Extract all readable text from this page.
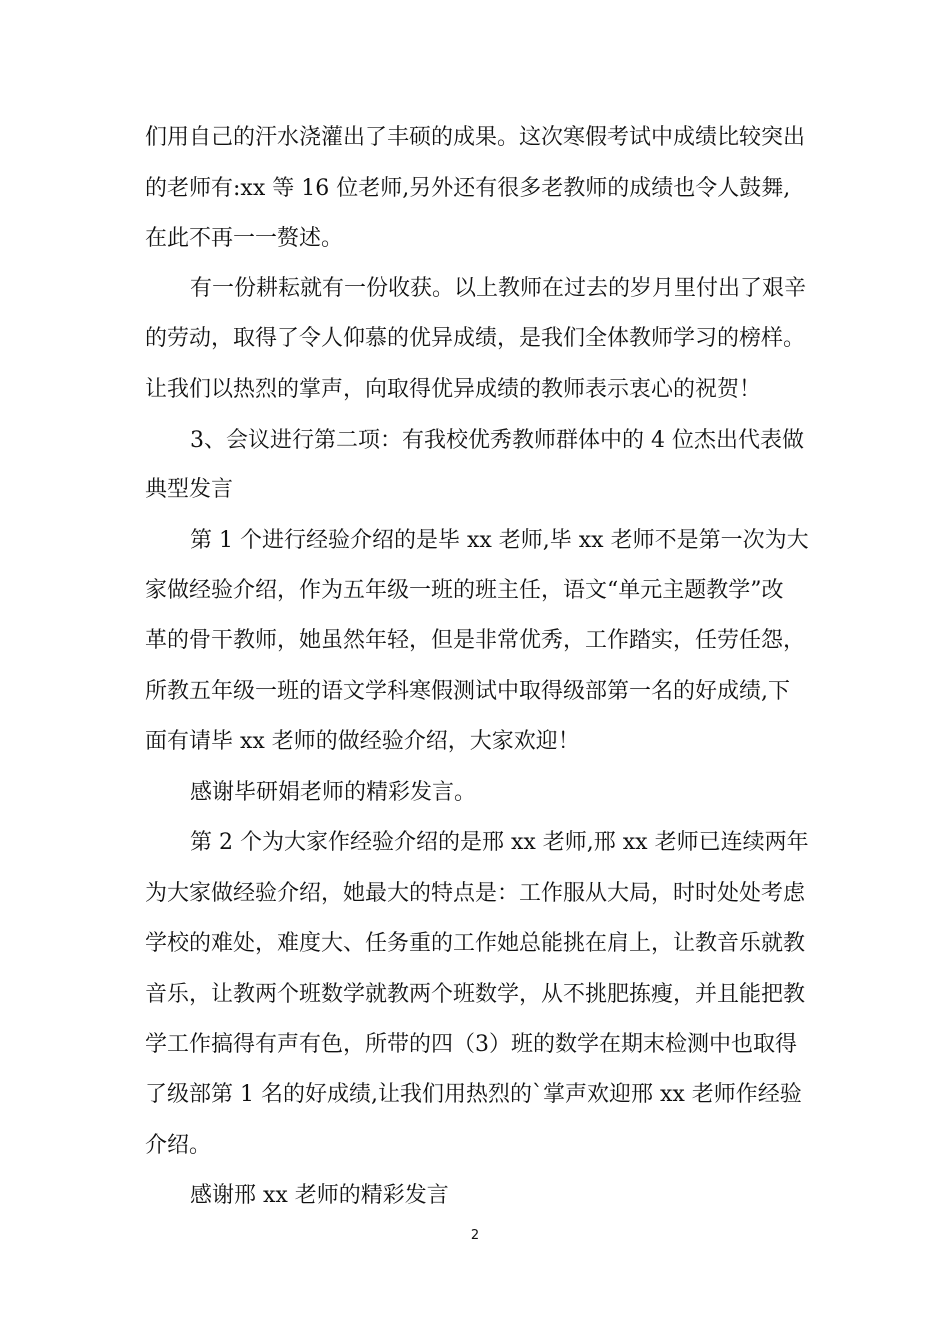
们用自己的汗水浇灌出了丰硕的成果。这次寒假考试中成绩比较突出
的老师有:xx 等 16 位老师,另外还有很多老教师的成绩也令人鼓舞,
在此不再一一赘述。
有一份耕耘就有一份收获。以上教师在过去的岁月里付出了艰辛
的劳动，取得了令人仰慕的优异成绩，是我们全体教师学习的榜样。
让我们以热烈的掌声，向取得优异成绩的教师表示衷心的祝贺！
3、会议进行第二项：有我校优秀教师群体中的 4 位杰出代表做
典型发言
第 1 个进行经验介绍的是毕 xx 老师,毕 xx 老师不是第一次为大
家做经验介绍，作为五年级一班的班主任，语文“单元主题教学”改
革的骨干教师，她虽然年轻，但是非常优秀，工作踏实，任劳任怨，
所教五年级一班的语文学科寒假测试中取得级部第一名的好成绩,下
面有请毕 xx 老师的做经验介绍，大家欢迎！
感谢毕研娟老师的精彩发言。
第 2 个为大家作经验介绍的是邢 xx 老师,邢 xx 老师已连续两年
为大家做经验介绍，她最大的特点是：工作服从大局，时时处处考虑
学校的难处，难度大、任务重的工作她总能挑在肩上，让教音乐就教
音乐，让教两个班数学就教两个班数学，从不挑肥拣瘦，并且能把教
学工作搞得有声有色，所带的四（3）班的数学在期末检测中也取得
了级部第 1 名的好成绩,让我们用热烈的`掌声欢迎邢 xx 老师作经验
介绍。
感谢邢 xx 老师的精彩发言
2
